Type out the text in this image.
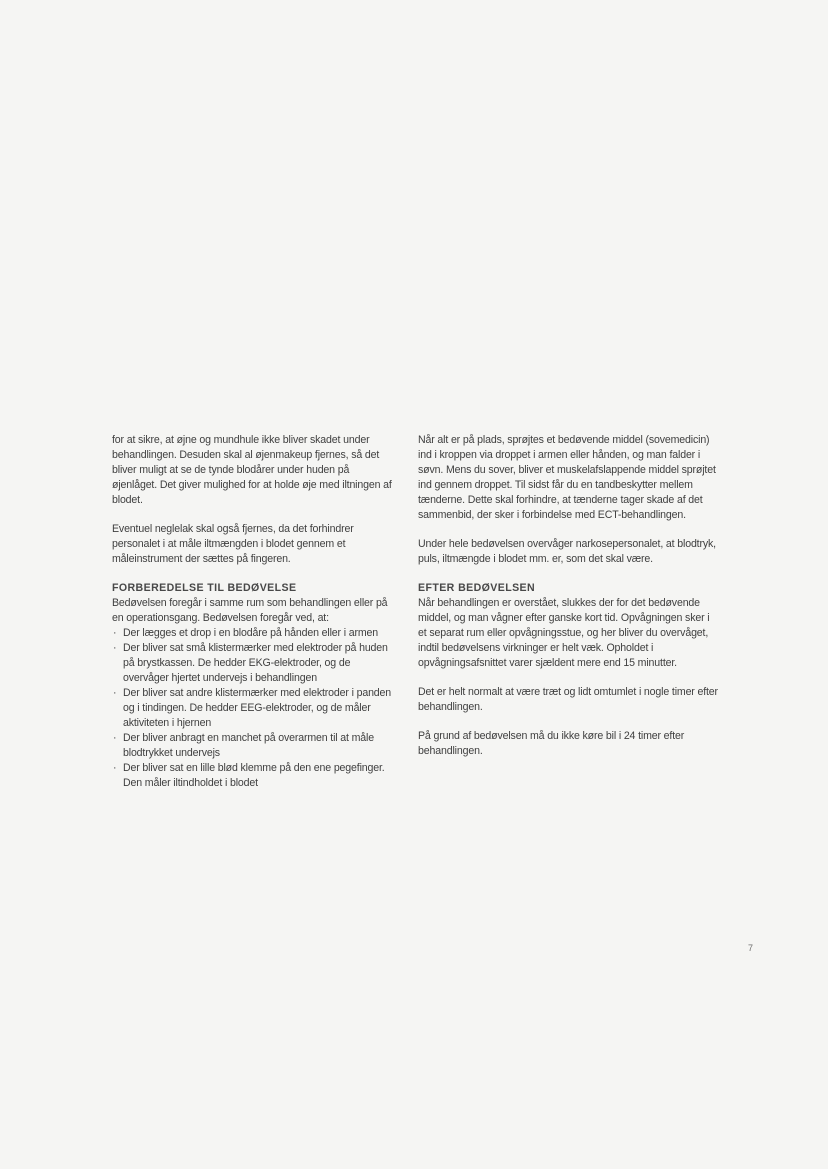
for at sikre, at øjne og mundhule ikke bliver skadet under behandlingen. Desuden skal al øjenmakeup fjernes, så det bliver muligt at se de tynde blodårer under huden på øjenlåget. Det giver mulighed for at holde øje med iltningen af blodet.

Eventuel neglelak skal også fjernes, da det forhindrer personalet i at måle iltmængden i blodet gennem et måleinstrument der sættes på fingeren.

FORBEREDELSE TIL BEDØVELSE

Bedøvelsen foregår i samme rum som behandlingen eller på en operationsgang. Bedøvelsen foregår ved, at:

· Der lægges et drop i en blodåre på hånden eller i armen
· Der bliver sat små klistermærker med elektroder på huden på brystkassen. De hedder EKG-elektroder, og de overvåger hjertet undervejs i behandlingen
· Der bliver sat andre klistermærker med elektroder i panden og i tindingen. De hedder EEG-elektroder, og de måler aktiviteten i hjernen
· Der bliver anbragt en manchet på overarmen til at måle blodtrykket undervejs
· Der bliver sat en lille blød klemme på den ene pegefinger. Den måler iltindholdet i blodet

Når alt er på plads, sprøjtes et bedøvende middel (sovemedicin) ind i kroppen via droppet i armen eller hånden, og man falder i søvn. Mens du sover, bliver et muskelafslappende middel sprøjtet ind gennem droppet. Til sidst får du en tandbeskytter mellem tænderne. Dette skal forhindre, at tænderne tager skade af det sammenbid, der sker i forbindelse med ECT-behandlingen.

Under hele bedøvelsen overvåger narkosepersonalet, at blodtryk, puls, iltmængde i blodet mm. er, som det skal være.

EFTER BEDØVELSEN

Når behandlingen er overstået, slukkes der for det bedøvende middel, og man vågner efter ganske kort tid. Opvågningen sker i et separat rum eller opvågningsstue, og her bliver du overvåget, indtil bedøvelsens virkninger er helt væk. Opholdet i opvågningsafsnittet varer sjældent mere end 15 minutter.

Det er helt normalt at være træt og lidt omtumlet i nogle timer efter behandlingen.

På grund af bedøvelsen må du ikke køre bil i 24 timer efter behandlingen.

7
